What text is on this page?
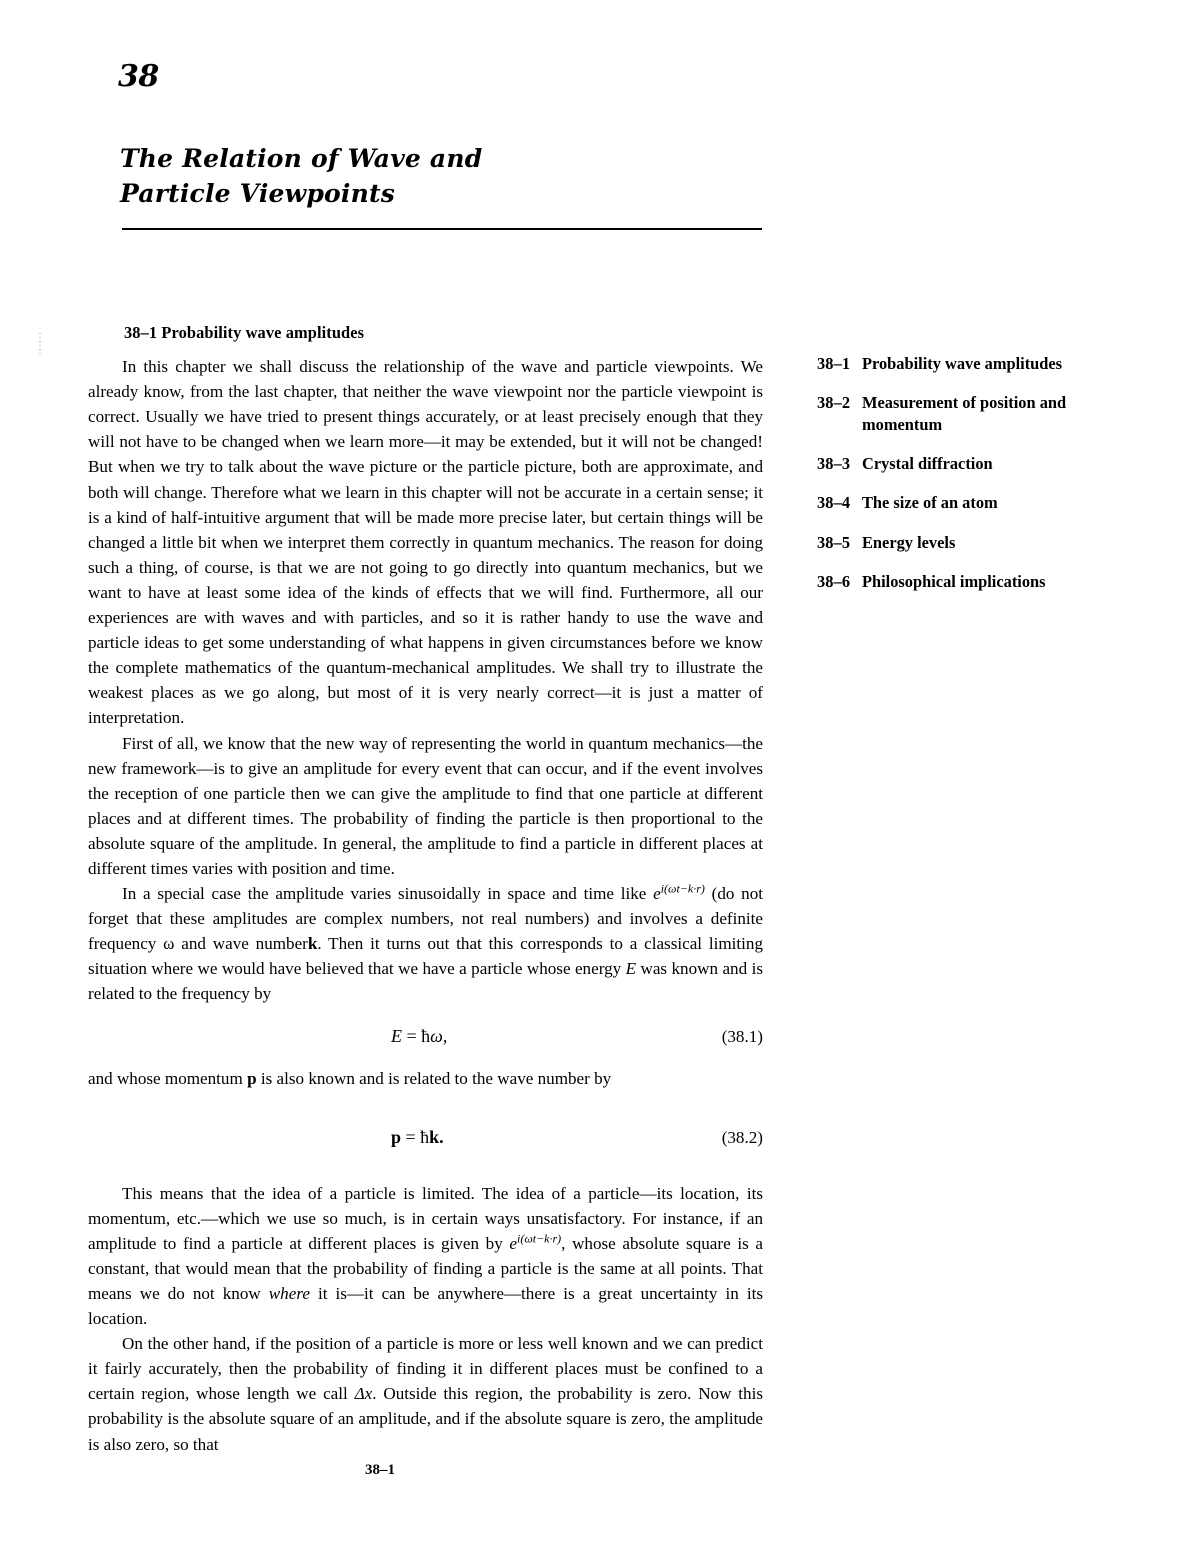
38
The Relation of Wave and
Particle Viewpoints
38–1 Probability wave amplitudes

In this chapter we shall discuss the relationship of the wave and particle viewpoints. We already know, from the last chapter, that neither the wave viewpoint nor the particle viewpoint is correct. Usually we have tried to present things accurately, or at least precisely enough that they will not have to be changed when we learn more—it may be extended, but it will not be changed! But when we try to talk about the wave picture or the particle picture, both are approximate, and both will change. Therefore what we learn in this chapter will not be accurate in a certain sense; it is a kind of half-intuitive argument that will be made more precise later, but certain things will be changed a little bit when we interpret them correctly in quantum mechanics. The reason for doing such a thing, of course, is that we are not going to go directly into quantum mechanics, but we want to have at least some idea of the kinds of effects that we will find. Furthermore, all our experiences are with waves and with particles, and so it is rather handy to use the wave and particle ideas to get some understanding of what happens in given circumstances before we know the complete mathematics of the quantum-mechanical amplitudes. We shall try to illustrate the weakest places as we go along, but most of it is very nearly correct—it is just a matter of interpretation.

First of all, we know that the new way of representing the world in quantum mechanics—the new framework—is to give an amplitude for every event that can occur, and if the event involves the reception of one particle then we can give the amplitude to find that one particle at different places and at different times. The probability of finding the particle is then proportional to the absolute square of the amplitude. In general, the amplitude to find a particle in different places at different times varies with position and time.

In a special case the amplitude varies sinusoidally in space and time like $e^{i(\omega t-k\cdot r)}$ (do not forget that these amplitudes are complex numbers, not real numbers) and involves a definite frequency ω and wave numberk. Then it turns out that this corresponds to a classical limiting situation where we would have believed that we have a particle whose energy E was known and is related to the frequency by

E = ħω,	(38.1)

and whose momentum p is also known and is related to the wave number by

p = ħk.	(38.2)

This means that the idea of a particle is limited. The idea of a particle—its location, its momentum, etc.—which we use so much, is in certain ways unsatisfactory. For instance, if an amplitude to find a particle at different places is given by $e^{i(\omega t-k\cdot r)}$, whose absolute square is a constant, that would mean that the probability of finding a particle is the same at all points. That means we do not know where it is—it can be anywhere—there is a great uncertainty in its location.

On the other hand, if the position of a particle is more or less well known and we can predict it fairly accurately, then the probability of finding it in different places must be confined to a certain region, whose length we call Δx. Outside this region, the probability is zero. Now this probability is the absolute square of an amplitude, and if the absolute square is zero, the amplitude is also zero, so that

38–1 Probability wave amplitudes
38–2 Measurement of position and momentum
38–3 Crystal diffraction
38–4 The size of an atom
38–5 Energy levels
38–6 Philosophical implications
38–1
